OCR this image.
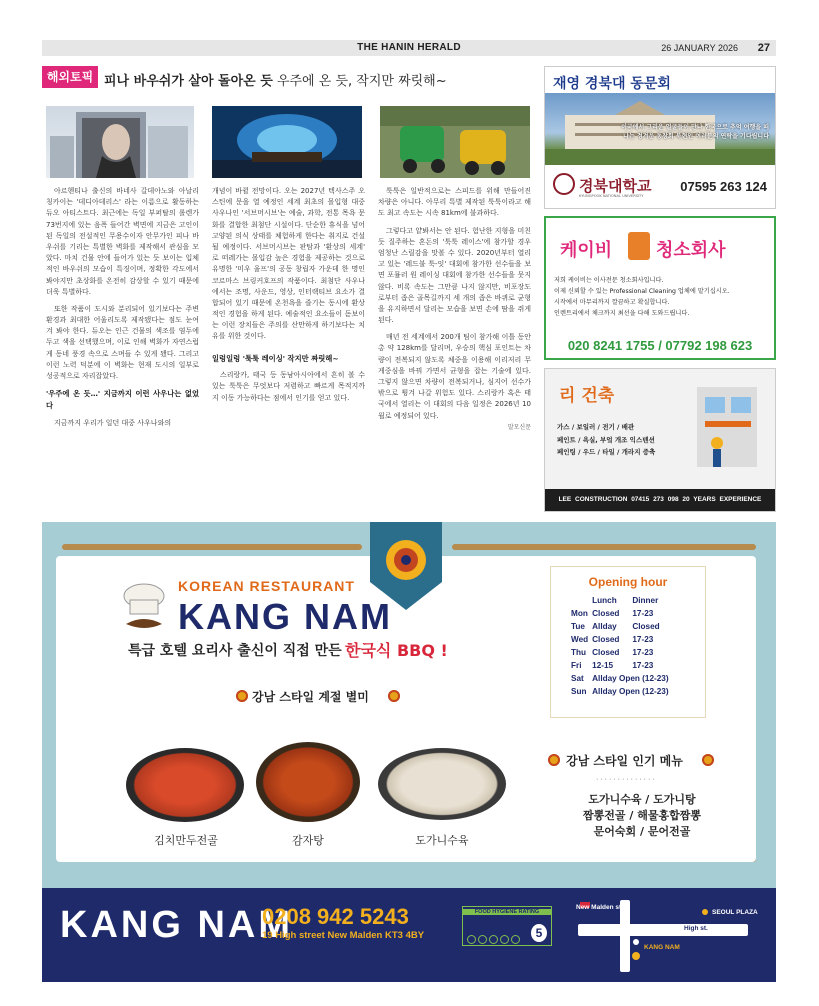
THE HANIN HERALD	26 JANUARY 2026 27
해외토픽 피나 바우쉬가 살아 돌아온 듯 우주에 온 듯, 작지만 짜릿해~

아르헨티나 출신의 바네사 갈데아노와 아날리 칭카이는 '데디아데리스' 라는 이름으로 활동하는 듀오 아티스트다. 최근에는 독일 부퍼탈의 롤렌가 73번지에 있는 음폭 들어간 벽면에 지금은 고인이 된 독일의 전설적인 무용수이자 안무가인 피나 바우쉬를 기리는 특별한 벽화를 제작해서 관심을 모았다. 마치 건물 안에 들어가 있는 듯 보이는 입체적인 바우쉬의 모습이 특징이며, 정확한 각도에서 봐야지만 초상화를 온전히 감상할 수 있기 때문에 더욱 특별하다.

또한 작품이 도시와 분리되어 있기보다는 주변 환경과 최대한 어울리도록 제작됐다는 점도 눈여겨 봐야 한다. 듀오는 인근 건물의 색조를 염두에 두고 색을 선택했으며, 이로 인해 벽화가 자연스럽게 동네 풍경 속으로 스며들 수 있게 됐다. 그리고 이런 노력 덕분에 이 벽화는 현재 도시의 일부로 성공적으로 자리잡았다.

'우주에 온 듯…' 지금까지 이런 사우나는 없었다

지금까지 우리가 일던 대중 사우나와의

개념이 바뀔 전망이다. 오는 2027년 텍사스주 오스틴에 문을 열 예정인 세계 최초의 몰입형 대중 사우나인 '서브머시브'는 예술, 과학, 전통 목욕 문화를 결합한 최첨단 시설이다. 단순한 휴식을 넘어 고양된 의식 상태를 체험하게 한다는 취지로 건설될 예정이다. 서브머시브는 판탐과 '환상의 세계' 로 떠레가는 몰입감 높은 경험을 제공하는 것으로 유명한 '미우 울프'의 공동 창립자 가운데 한 명인 코르마스 브링커호프의 작품이다. 최첨단 사우나에서는 조명, 사운드, 영상, 인터랙티브 요소가 결합되어 있기 때문에 온천욕을 즐기는 동시에 환상적인 경험을 하게 된다. 예술적인 요소들이 돋보이는 이런 장치들은 주의를 산만하게 하기보다는 치유를 위한 것이다.

일렁일렁 '툭툭 레이싱' 작지만 짜릿해~

스리랑카, 태국 등 동남아시아에서 흔히 볼 수 있는 툭툭은 무엇보다 저렴하고 빠르게 목적지까지 이동 가능하다는 점에서 인기를 얻고 있다.

툭툭은 일반적으로는 스피드를 위해 만들어진 차량은 아니다. 아무리 특별 제작된 툭툭이라고 해도 최고 속도는 시속 81km에 불과하다.

그렇다고 얕봐서는 안 된다. 험난한 지형을 미친 듯 질주하는 혼돈의 '툭툭 레이스'에 참가할 경우 엄청난 스릴감을 맛볼 수 있다. 2020년부터 열리고 있는 '레드불 툭-잇' 대회에 참가한 선수들을 보면 포뮬러 원 레이싱 대회에 참가한 선수들을 뭇지 않다. 비록 속도는 그만큼 나지 않지만, 비포장도로부터 좁은 골목길까지 세 개의 좁은 바퀴로 균형을 유지하면서 달리는 모습을 보면 손에 땀을 쥐게 된다.

매년 전 세계에서 200개 팀이 참가해 이틀 동안 총 약 128km를 달리며, 우승의 핵심 포인트는 차량이 전복되지 않도록 체중을 이용해 이리저리 무게중심을 바꿔 가면서 균형을 잡는 기술에 있다. 그렇지 않으면 차량이 전복되거나, 심지어 선수가 밖으로 튕겨 나갈 위험도 있다. 스리랑카 혹은 태국에서 열리는 이 대회의 다음 일정은 2026년 10월로 예정되어 있다.

말모신문
재영 경북대 동문회
이국에서 그리운 얼굴들이 만나 한국으로 추억 여행을 떠나는 정겨운 동창회 북현인 여러분의 연락을 기다립니다
경북대학교
KYUNGPOOK NATIONAL UNIVERSITY
07595 263 124
케이비 청소회사
저희 케이비는 이사전문 청소회사입니다.
이제 신뢰할 수 있는 Professional Cleaning 업체에 맡기십시오.
시작에서 마무리까지 깔끔하고 확실합니다.
인렌트리에서 체크까지 최선을 다해 도와드립니다.
020 8241 1755 / 07792 198 623
리 건축
가스 / 보일러 / 전기 / 배관
페인트 / 욕실, 부엌 개조 익스텐션
페인팅 / 우드 / 타일 / 개라지 증축
LEE CONSTRUCTION 07415 273 098 20 YEARS EXPERIENCE
KOREAN RESTAURANT
KANG NAM
특급 호텔 요리사 출신이 직접 만든 한국식 BBQ !
강남 스타일 계절 별미
김치만두전골	감자탕	도가니수육
Opening hour
	Lunch	Dinner
Mon	Closed	17-23
Tue	Allday	Closed
Wed	Closed	17-23
Thu	Closed	17-23
Fri	12-15	17-23
Sat	Allday Open (12-23)	
Sun	Allday Open (12-23)	
강남 스타일 인기 메뉴
··············
도가니수육 / 도가니탕
짬뽕전골 / 해물홍합짬뽕
문어숙회 / 문어전골
KANG NAM
0208 942 5243
19 High street New Malden KT3 4BY
FOOD HYGIENE RATING
5
New Malden st.
SEOUL PLAZA
High st.
KANG NAM
